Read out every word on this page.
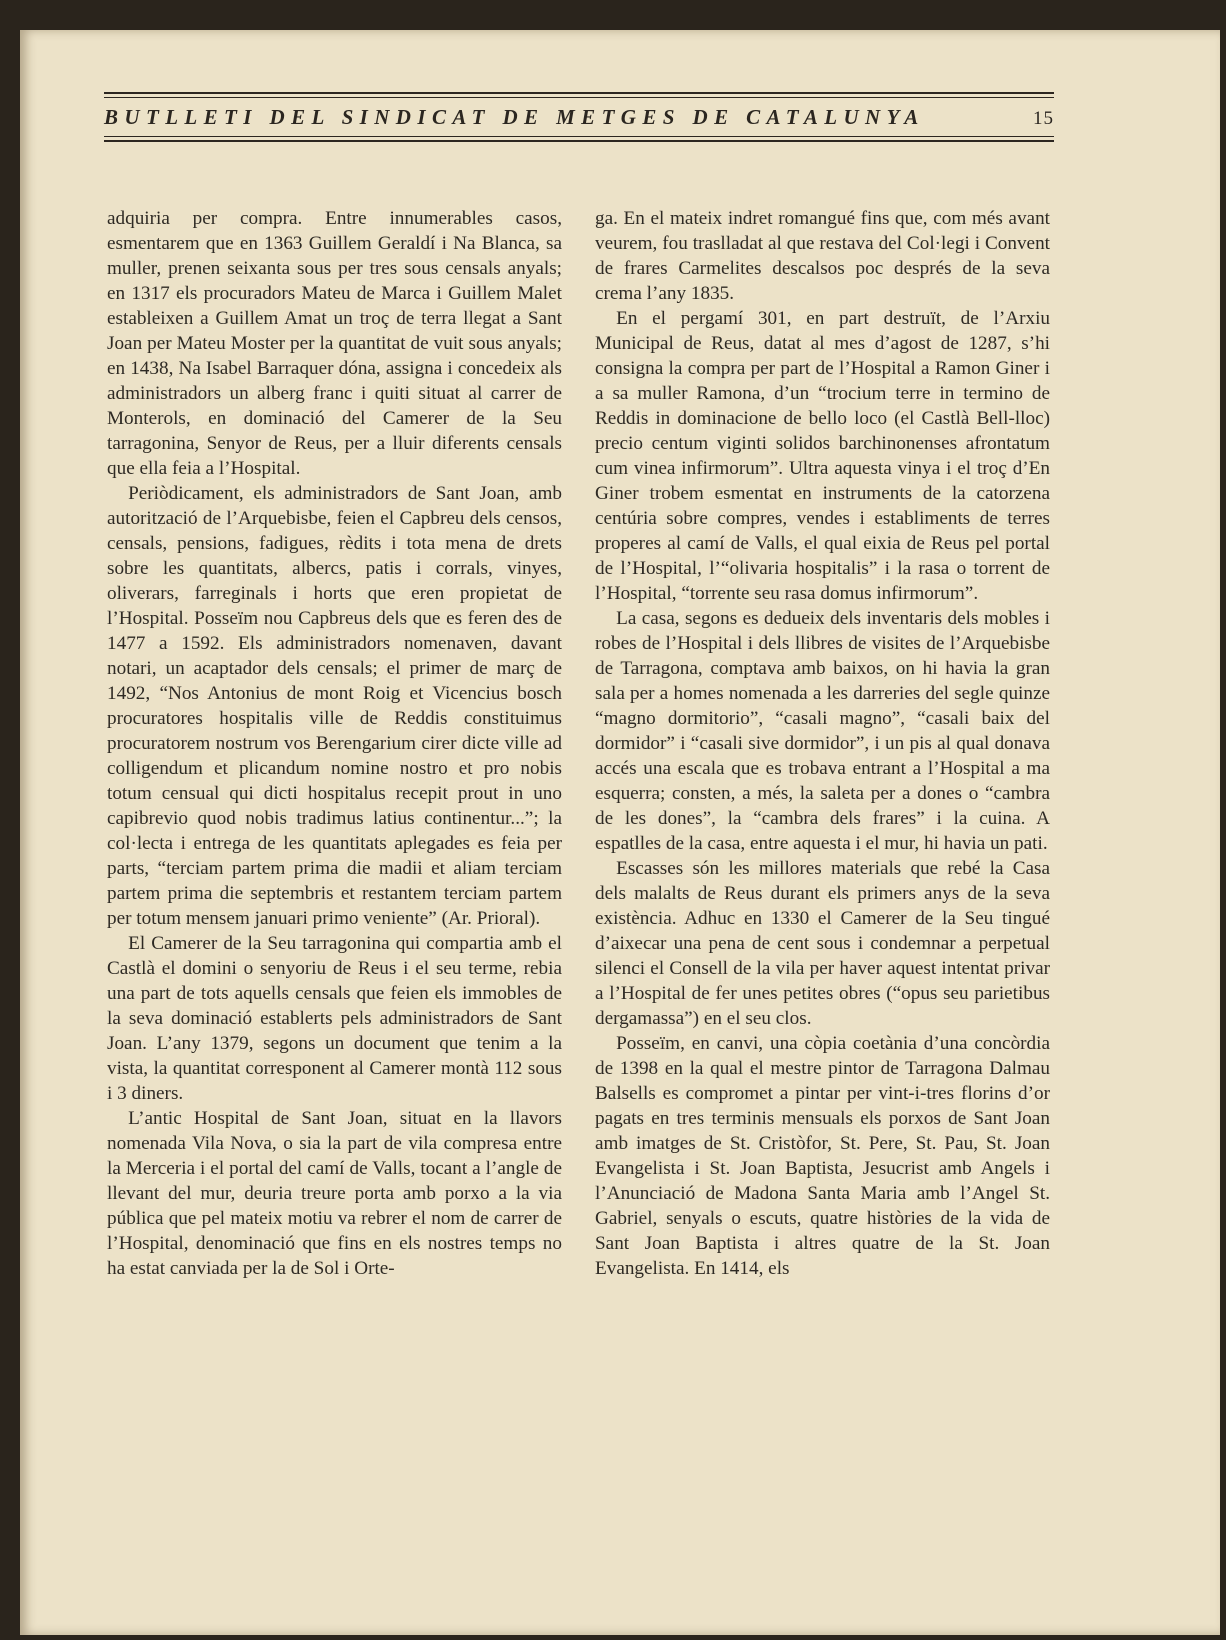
BUTLLETI DEL SINDICAT DE METGES DE CATALUNYA	15

adquiria per compra. Entre innumerables casos, esmentarem que en 1363 Guillem Geraldí i Na Blanca, sa muller, prenen seixanta sous per tres sous censals anyals; en 1317 els procuradors Mateu de Marca i Guillem Malet estableixen a Guillem Amat un troç de terra llegat a Sant Joan per Mateu Moster per la quantitat de vuit sous anyals; en 1438, Na Isabel Barraquer dóna, assigna i concedeix als administradors un alberg franc i quiti situat al carrer de Monterols, en dominació del Camerer de la Seu tarragonina, Senyor de Reus, per a lluir diferents censals que ella feia a l’Hospital.

Periòdicament, els administradors de Sant Joan, amb autorització de l’Arquebisbe, feien el Capbreu dels censos, censals, pensions, fadigues, rèdits i tota mena de drets sobre les quantitats, albercs, patis i corrals, vinyes, oliverars, farreginals i horts que eren propietat de l’Hospital. Posseïm nou Capbreus dels que es feren des de 1477 a 1592. Els administradors nomenaven, davant notari, un acaptador dels censals; el primer de març de 1492, “Nos Antonius de mont Roig et Vicencius bosch procuratores hospitalis ville de Reddis constituimus procuratorem nostrum vos Berengarium cirer dicte ville ad colligendum et plicandum nomine nostro et pro nobis totum censual qui dicti hospitalus recepit prout in uno capibrevio quod nobis tradimus latius continentur...”; la col·lecta i entrega de les quantitats aplegades es feia per parts, “terciam partem prima die madii et aliam terciam partem prima die septembris et restantem terciam partem per totum mensem januari primo veniente” (Ar. Prioral).

El Camerer de la Seu tarragonina qui compartia amb el Castlà el domini o senyoriu de Reus i el seu terme, rebia una part de tots aquells censals que feien els immobles de la seva dominació establerts pels administradors de Sant Joan. L’any 1379, segons un document que tenim a la vista, la quantitat corresponent al Camerer montà 112 sous i 3 diners.

L’antic Hospital de Sant Joan, situat en la llavors nomenada Vila Nova, o sia la part de vila compresa entre la Merceria i el portal del camí de Valls, tocant a l’angle de llevant del mur, deuria treure porta amb porxo a la via pública que pel mateix motiu va rebrer el nom de carrer de l’Hospital, denominació que fins en els nostres temps no ha estat canviada per la de Sol i Orte-

ga. En el mateix indret romangué fins que, com més avant veurem, fou traslladat al que restava del Col·legi i Convent de frares Carmelites descalsos poc després de la seva crema l’any 1835.

En el pergamí 301, en part destruït, de l’Arxiu Municipal de Reus, datat al mes d’agost de 1287, s’hi consigna la compra per part de l’Hospital a Ramon Giner i a sa muller Ramona, d’un “trocium terre in termino de Reddis in dominacione de bello loco (el Castlà Bell-lloc) precio centum viginti solidos barchinonenses afrontatum cum vinea infirmorum”. Ultra aquesta vinya i el troç d’En Giner trobem esmentat en instruments de la catorzena centúria sobre compres, vendes i establiments de terres properes al camí de Valls, el qual eixia de Reus pel portal de l’Hospital, l’“olivaria hospitalis” i la rasa o torrent de l’Hospital, “torrente seu rasa domus infirmorum”.

La casa, segons es dedueix dels inventaris dels mobles i robes de l’Hospital i dels llibres de visites de l’Arquebisbe de Tarragona, comptava amb baixos, on hi havia la gran sala per a homes nomenada a les darreries del segle quinze “magno dormitorio”, “casali magno”, “casali baix del dormidor” i “casali sive dormidor”, i un pis al qual donava accés una escala que es trobava entrant a l’Hospital a ma esquerra; consten, a més, la saleta per a dones o “cambra de les dones”, la “cambra dels frares” i la cuina. A espatlles de la casa, entre aquesta i el mur, hi havia un pati.

Escasses són les millores materials que rebé la Casa dels malalts de Reus durant els primers anys de la seva existència. Adhuc en 1330 el Camerer de la Seu tingué d’aixecar una pena de cent sous i condemnar a perpetual silenci el Consell de la vila per haver aquest intentat privar a l’Hospital de fer unes petites obres (“opus seu parietibus dergamassa”) en el seu clos.

Posseïm, en canvi, una còpia coetània d’una concòrdia de 1398 en la qual el mestre pintor de Tarragona Dalmau Balsells es compromet a pintar per vint-i-tres florins d’or pagats en tres terminis mensuals els porxos de Sant Joan amb imatges de St. Cristòfor, St. Pere, St. Pau, St. Joan Evangelista i St. Joan Baptista, Jesucrist amb Angels i l’Anunciació de Madona Santa Maria amb l’Angel St. Gabriel, senyals o escuts, quatre històries de la vida de Sant Joan Baptista i altres quatre de la St. Joan Evangelista. En 1414, els
